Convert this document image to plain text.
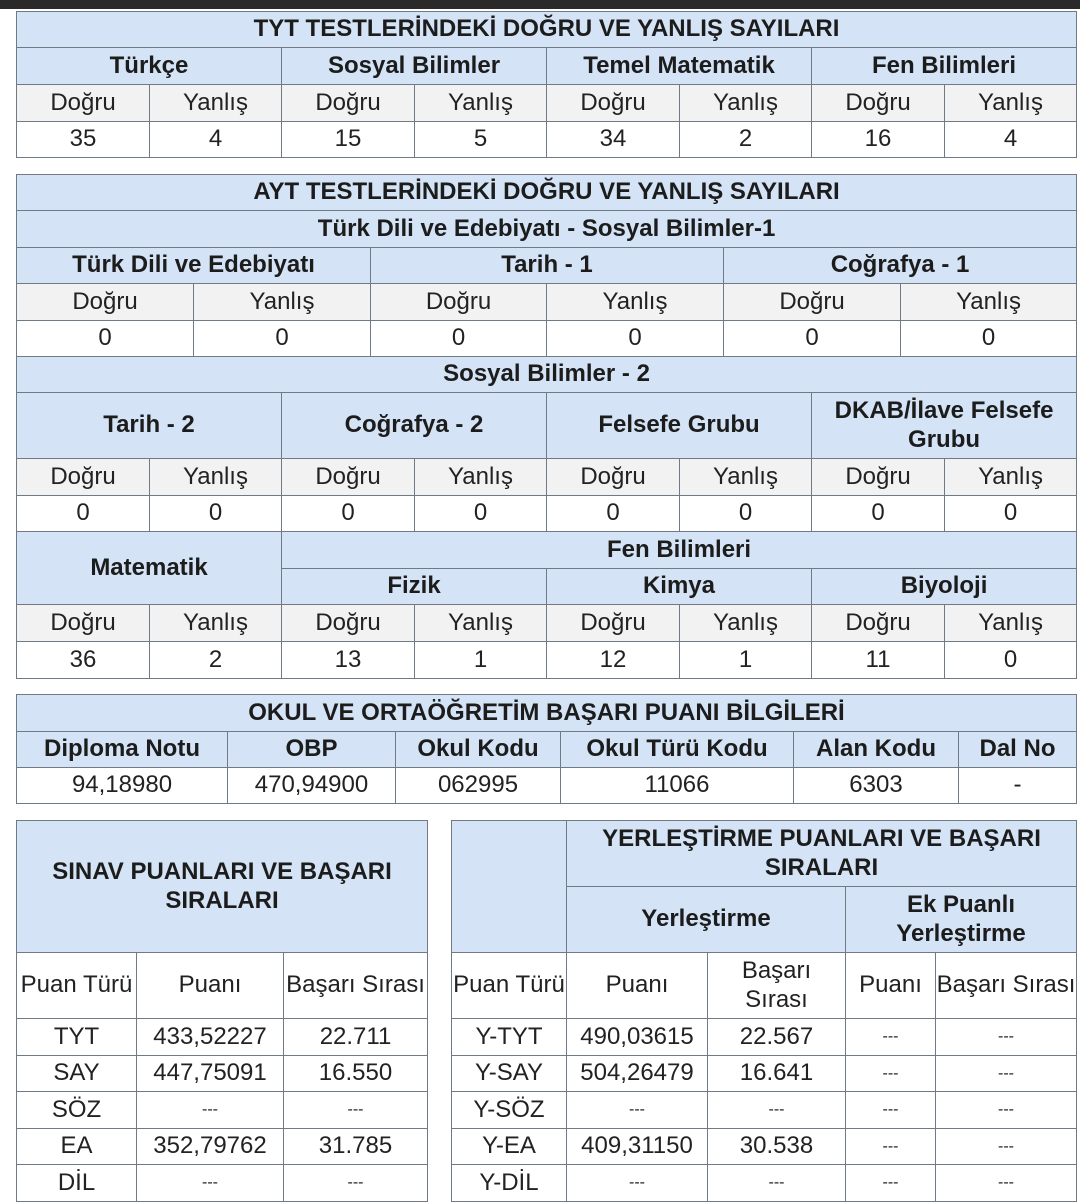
TYT TESTLERİNDEKİ DOĞRU VE YANLIŞ SAYILARI							
Türkçe		Sosyal Bilimler		Temel Matematik		Fen Bilimleri	
Doğru	Yanlış	Doğru	Yanlış	Doğru	Yanlış	Doğru	Yanlış
35	4	15	5	34	2	16	4
AYT TESTLERİNDEKİ DOĞRU VE YANLIŞ SAYILARI											
Türk Dili ve Edebiyatı - Sosyal Bilimler-1											
Türk Dili ve Edebiyatı				Tarih - 1				Coğrafya - 1			
Doğru		Yanlış		Doğru		Yanlış		Doğru		Yanlış	
0		0		0		0		0		0	
Sosyal Bilimler - 2											
Tarih - 2			Coğrafya - 2			Felsefe Grubu			DKAB/İlave Felsefe Grubu		
Doğru	Yanlış		Doğru		Yanlış	Doğru	Yanlış		Doğru		Yanlış
0	0		0		0	0	0		0		0
Matematik			Fen Bilimleri								
			Fizik			Kimya			Biyoloji		
Doğru	Yanlış		Doğru		Yanlış	Doğru	Yanlış		Doğru		Yanlış
36	2		13		1	12	1		11		0
OKUL VE ORTAÖĞRETİM BAŞARI PUANI BİLGİLERİ					
Diploma Notu	OBP	Okul Kodu	Okul Türü Kodu	Alan Kodu	Dal No
94,18980	470,94900	062995	11066	6303	-
SINAV PUANLARI VE BAŞARI SIRALARI		
Puan Türü	Puanı	Başarı Sırası
TYT	433,52227	22.711
SAY	447,75091	16.550
SÖZ	---	---
EA	352,79762	31.785
DİL	---	---
	YERLEŞTİRME PUANLARI VE BAŞARI SIRALARI			
	Yerleştirme		Ek Puanlı Yerleştirme	
Puan Türü	Puanı	Başarı Sırası	Puanı	Başarı Sırası
Y-TYT	490,03615	22.567	---	---
Y-SAY	504,26479	16.641	---	---
Y-SÖZ	---	---	---	---
Y-EA	409,31150	30.538	---	---
Y-DİL	---	---	---	---
